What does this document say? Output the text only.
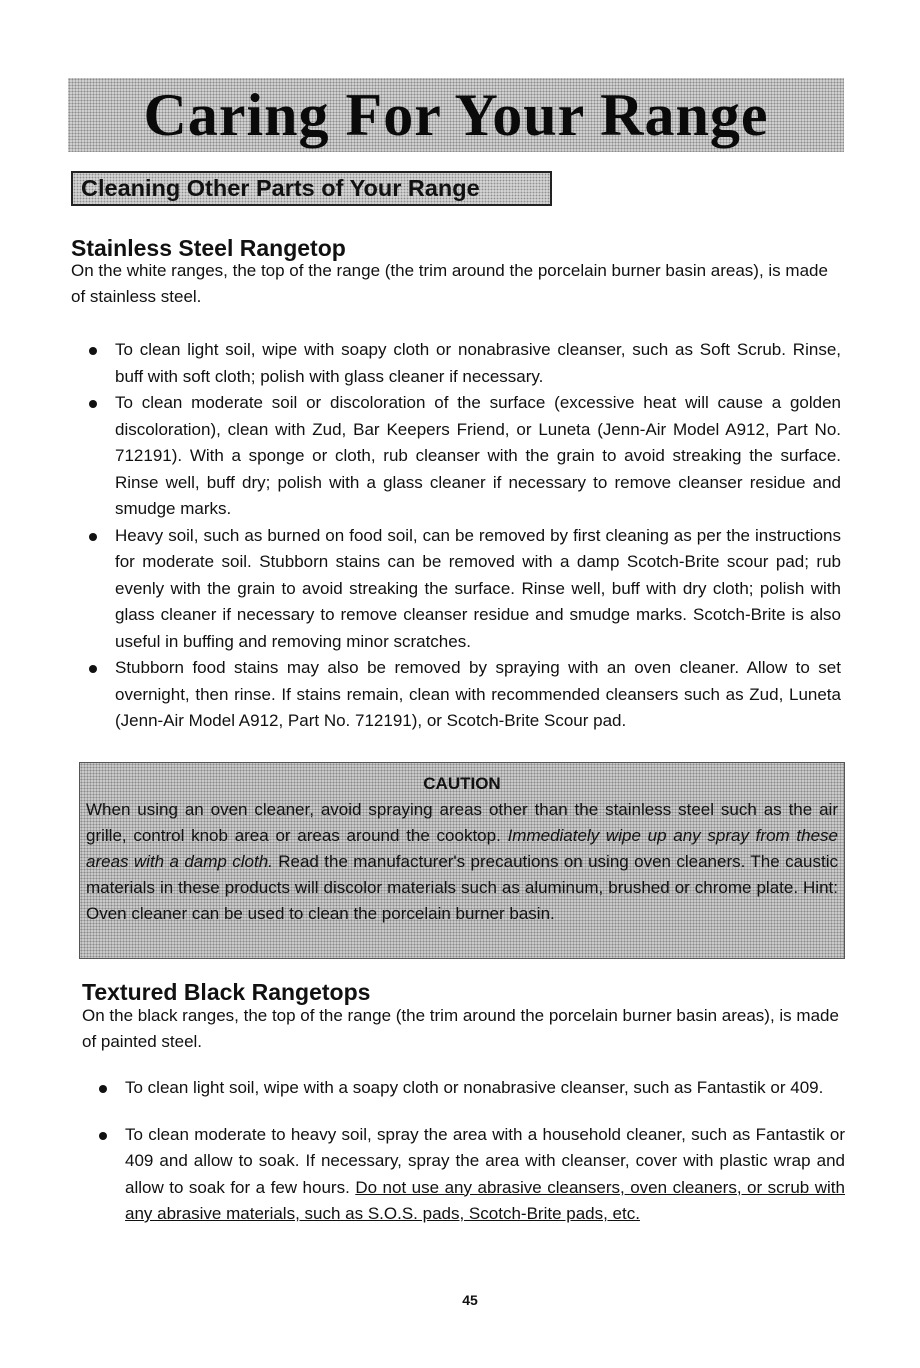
Caring For Your Range
Cleaning Other Parts of Your Range
Stainless Steel Rangetop

On the white ranges, the top of the range (the trim around the porcelain burner basin areas), is made of stainless steel.

To clean light soil, wipe with soapy cloth or nonabrasive cleanser, such as Soft Scrub. Rinse, buff with soft cloth; polish with glass cleaner if necessary.
To clean moderate soil or discoloration of the surface (excessive heat will cause a golden discoloration), clean with Zud, Bar Keepers Friend, or Luneta (Jenn-Air Model A912, Part No. 712191). With a sponge or cloth, rub cleanser with the grain to avoid streaking the surface. Rinse well, buff dry; polish with a glass cleaner if necessary to remove cleanser residue and smudge marks.
Heavy soil, such as burned on food soil, can be removed by first cleaning as per the instructions for moderate soil. Stubborn stains can be removed with a damp Scotch-Brite scour pad; rub evenly with the grain to avoid streaking the surface. Rinse well, buff with dry cloth; polish with glass cleaner if necessary to remove cleanser residue and smudge marks. Scotch-Brite is also useful in buffing and removing minor scratches.
Stubborn food stains may also be removed by spraying with an oven cleaner. Allow to set overnight, then rinse. If stains remain, clean with recommended cleansers such as Zud, Luneta (Jenn-Air Model A912, Part No. 712191), or Scotch-Brite Scour pad.
CAUTION
When using an oven cleaner, avoid spraying areas other than the stainless steel such as the air grille, control knob area or areas around the cooktop. Immediately wipe up any spray from these areas with a damp cloth. Read the manufacturer's precautions on using oven cleaners. The caustic materials in these products will discolor materials such as aluminum, brushed or chrome plate. Hint: Oven cleaner can be used to clean the porcelain burner basin.
Textured Black Rangetops

On the black ranges, the top of the range (the trim around the porcelain burner basin areas), is made of painted steel.

To clean light soil, wipe with a soapy cloth or nonabrasive cleanser, such as Fantastik or 409.
To clean moderate to heavy soil, spray the area with a household cleaner, such as Fantastik or 409 and allow to soak. If necessary, spray the area with cleanser, cover with plastic wrap and allow to soak for a few hours. Do not use any abrasive cleansers, oven cleaners, or scrub with any abrasive materials, such as S.O.S. pads, Scotch-Brite pads, etc.
45
